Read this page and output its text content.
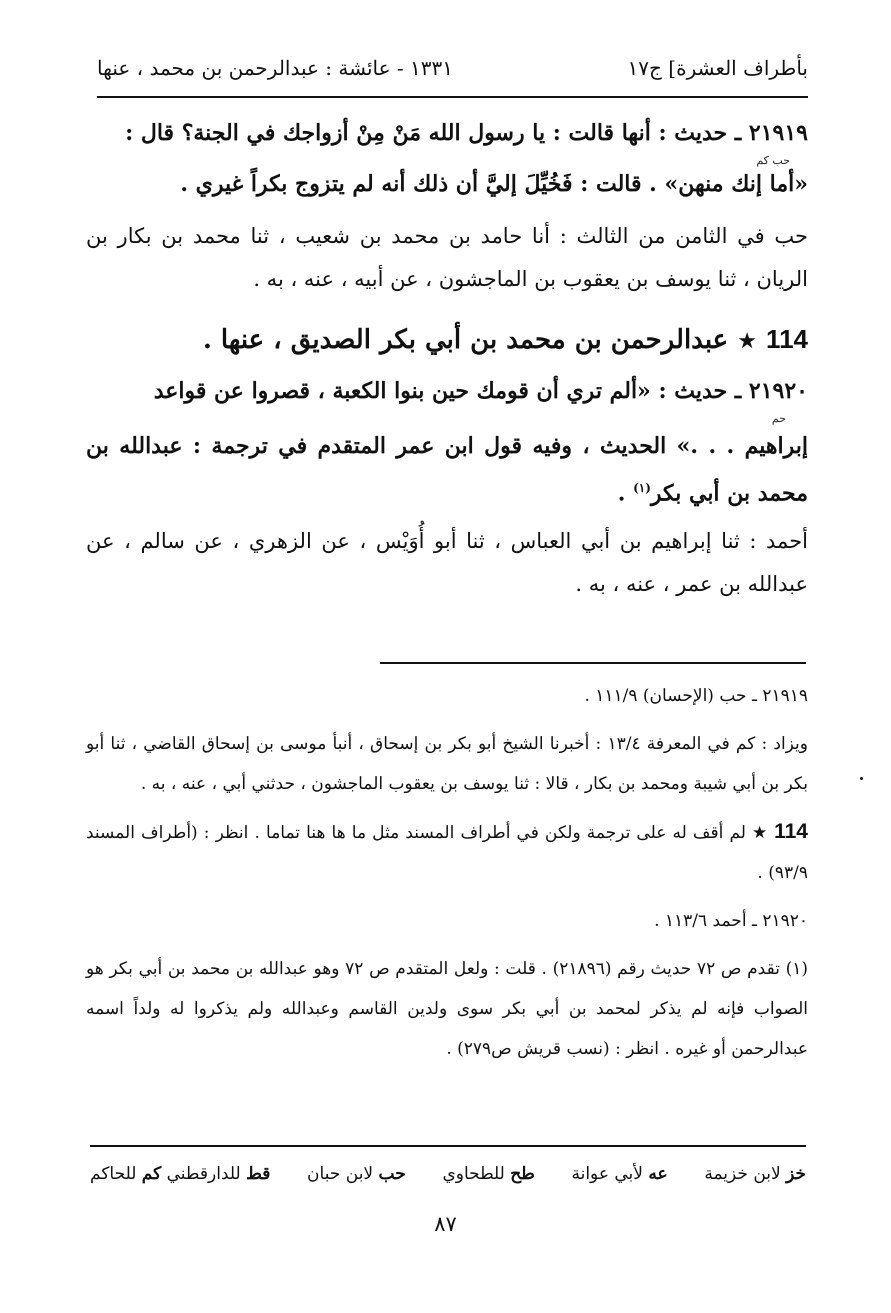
بأطراف العشرة] ج١٧
١٣٣١ - عائشة : عبدالرحمن بن محمد ، عنها

٢١٩١٩ ـ حديث : أنها قالت : يا رسول الله مَنْ مِنْ أزواجك في الجنة؟ قال :

حب كم

«أما إنك منهن» . قالت : فَخُيِّلَ إليَّ أن ذلك أنه لم يتزوج بكراً غيري .

حب في الثامن من الثالث : أنا حامد بن محمد بن شعيب ، ثنا محمد بن بكار بن الريان ، ثنا يوسف بن يعقوب بن الماجشون ، عن أبيه ، عنه ، به .

114 ★ عبدالرحمن بن محمد بن أبي بكر الصديق ، عنها .

٢١٩٢٠ ـ حديث : «ألم تري أن قومك حين بنوا الكعبة ، قصروا عن قواعد

حم

إبراهيم . . .» الحديث ، وفيه قول ابن عمر المتقدم في ترجمة : عبدالله بن محمد بن أبي بكر$^{(١)}$ .

أحمد : ثنا إبراهيم بن أبي العباس ، ثنا أبو أُوَيْس ، عن الزهري ، عن سالم ، عن عبدالله بن عمر ، عنه ، به .

٢١٩١٩ ـ حب (الإحسان) ١١١/٩ .

ويزاد : كم في المعرفة ١٣/٤ : أخبرنا الشيخ أبو بكر بن إسحاق ، أنبأ موسى بن إسحاق القاضي ، ثنا أبو بكر بن أبي شيبة ومحمد بن بكار ، قالا : ثنا يوسف بن يعقوب الماجشون ، حدثني أبي ، عنه ، به .

114 ★ لم أقف له على ترجمة ولكن في أطراف المسند مثل ما ها هنا تماما . انظر : (أطراف المسند ٩٣/٩) .

٢١٩٢٠ ـ أحمد ١١٣/٦ .

(١) تقدم ص ٧٢ حديث رقم (٢١٨٩٦) . قلت : ولعل المتقدم ص ٧٢ وهو عبدالله بن محمد بن أبي بكر هو الصواب فإنه لم يذكر لمحمد بن أبي بكر سوى ولدين القاسم وعبدالله ولم يذكروا له ولداً اسمه عبدالرحمن أو غيره . انظر : (نسب قريش ص٢٧٩) .

خز لابن خزيمة
عه لأبي عوانة
طح للطحاوي
حب لابن حبان
قط للدارقطني كم للحاكم
٨٧
